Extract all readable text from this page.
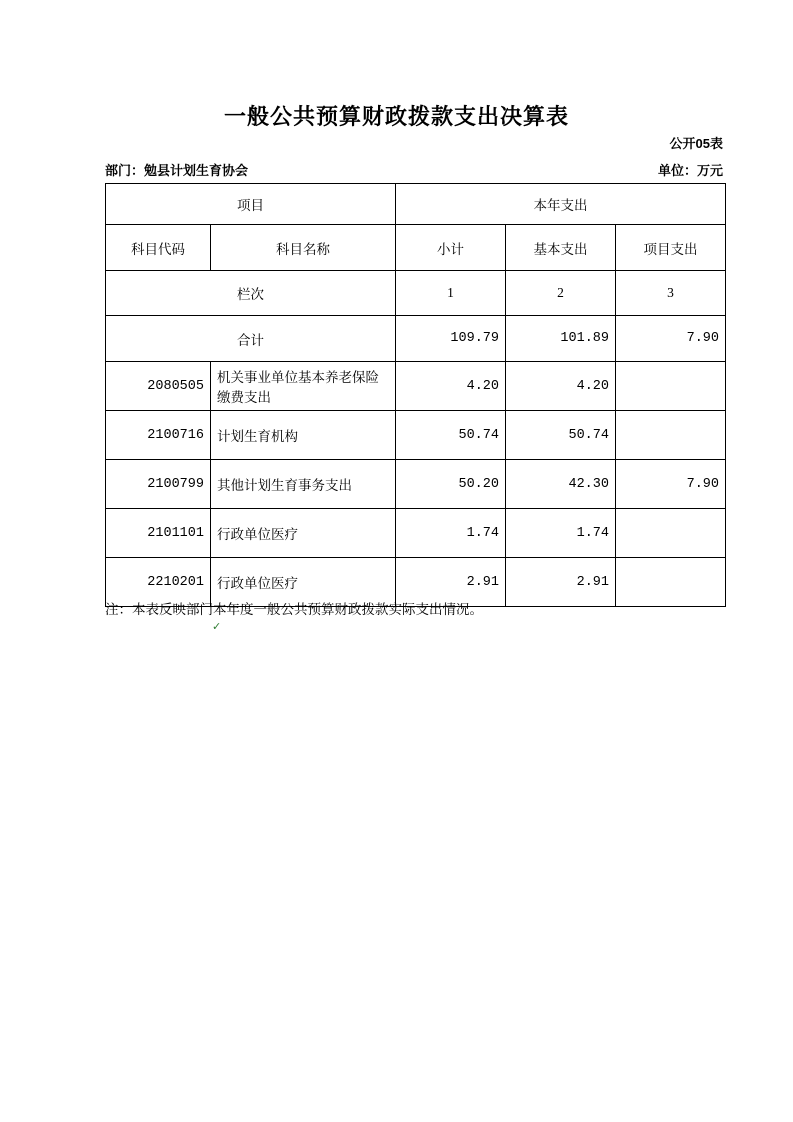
一般公共预算财政拨款支出决算表
公开05表
部门：勉县计划生育协会	单位：万元
项目		本年支出		
科目代码	科目名称	小计	基本支出	项目支出
栏次		1	2	3
合计		109.79	101.89	7.90
2080505	机关事业单位基本养老保险缴费支出	4.20	4.20	
2100716	计划生育机构	50.74	50.74	
2100799	其他计划生育事务支出	50.20	42.30	7.90
2101101	行政单位医疗	1.74	1.74	
2210201	行政单位医疗	2.91	2.91	
注：本表反映部门本年度一般公共预算财政拨款实际支出情况。
✓
